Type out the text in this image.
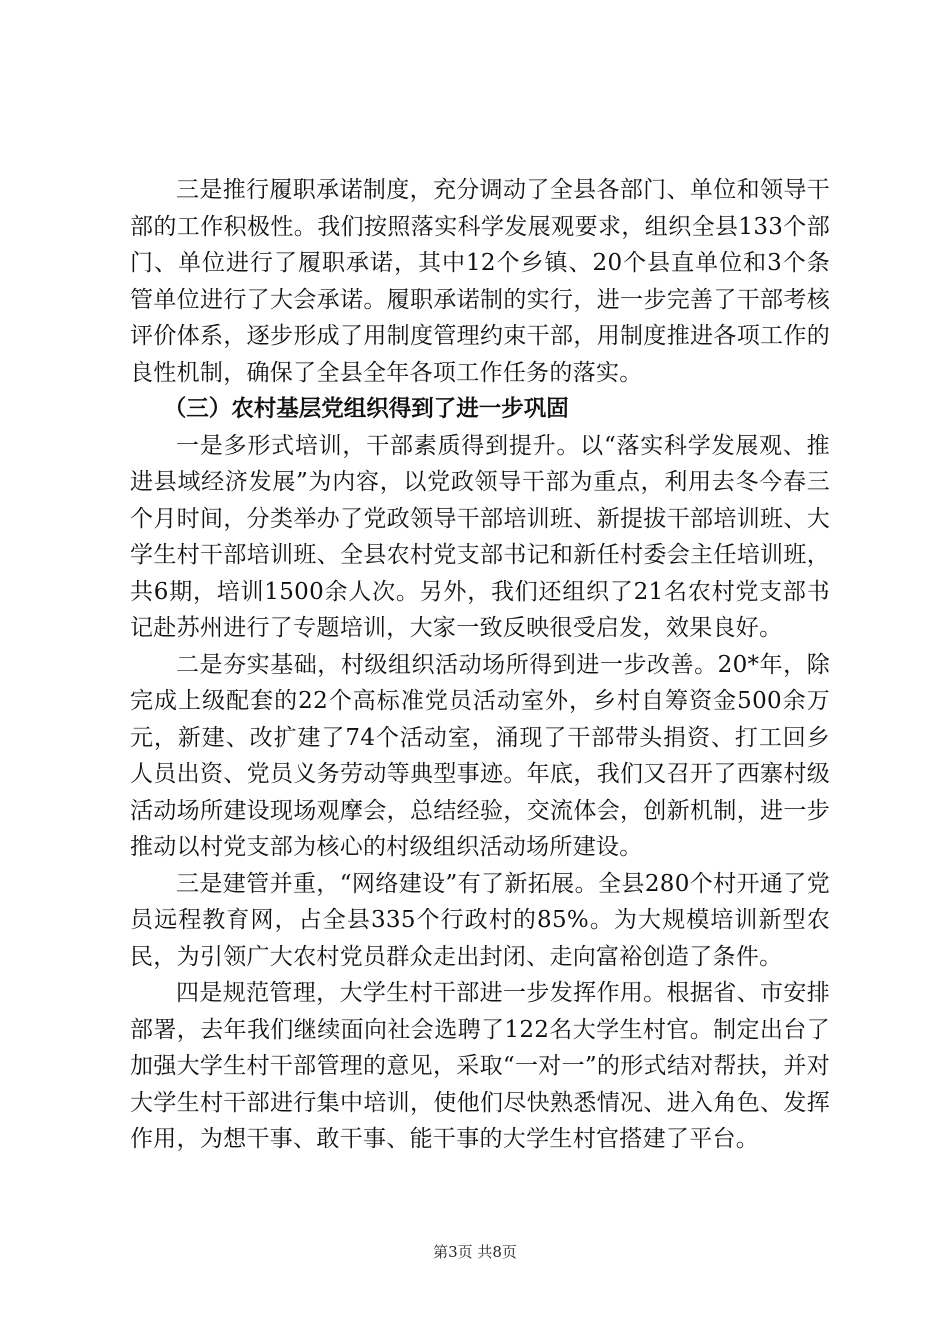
三是推行履职承诺制度，充分调动了全县各部门、单位和领导干部的工作积极性。我们按照落实科学发展观要求，组织全县133个部门、单位进行了履职承诺，其中12个乡镇、20个县直单位和3个条管单位进行了大会承诺。履职承诺制的实行，进一步完善了干部考核评价体系，逐步形成了用制度管理约束干部，用制度推进各项工作的良性机制，确保了全县全年各项工作任务的落实。

（三）农村基层党组织得到了进一步巩固

一是多形式培训，干部素质得到提升。以“落实科学发展观、推进县域经济发展”为内容，以党政领导干部为重点，利用去冬今春三个月时间，分类举办了党政领导干部培训班、新提拔干部培训班、大学生村干部培训班、全县农村党支部书记和新任村委会主任培训班，共6期，培训1500余人次。另外，我们还组织了21名农村党支部书记赴苏州进行了专题培训，大家一致反映很受启发，效果良好。

二是夯实基础，村级组织活动场所得到进一步改善。20*年，除完成上级配套的22个高标准党员活动室外，乡村自筹资金500余万元，新建、改扩建了74个活动室，涌现了干部带头捐资、打工回乡人员出资、党员义务劳动等典型事迹。年底，我们又召开了西寨村级活动场所建设现场观摩会，总结经验，交流体会，创新机制，进一步推动以村党支部为核心的村级组织活动场所建设。

三是建管并重，“网络建设”有了新拓展。全县280个村开通了党员远程教育网，占全县335个行政村的85%。为大规模培训新型农民，为引领广大农村党员群众走出封闭、走向富裕创造了条件。

四是规范管理，大学生村干部进一步发挥作用。根据省、市安排部署，去年我们继续面向社会选聘了122名大学生村官。制定出台了加强大学生村干部管理的意见，采取“一对一”的形式结对帮扶，并对大学生村干部进行集中培训，使他们尽快熟悉情况、进入角色、发挥作用，为想干事、敢干事、能干事的大学生村官搭建了平台。

第3页 共8页
